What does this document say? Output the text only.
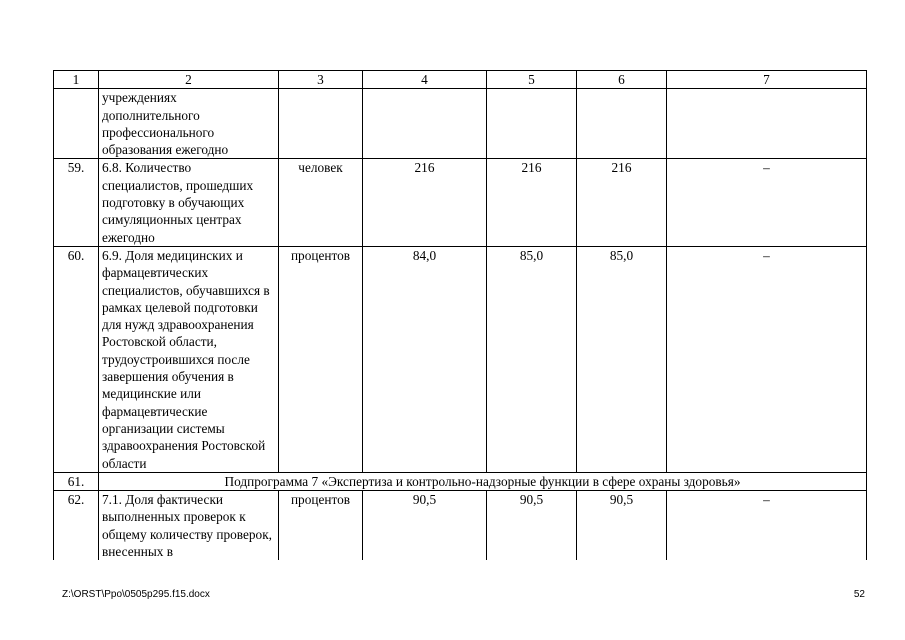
1	2	3	4	5	6	7
	учреждениях дополнительного профессионального образования ежегодно					
59.	6.8. Количество специалистов, прошедших подготовку в обучающих симуляционных центрах ежегодно	человек	216	216	216	–
60.	6.9. Доля медицинских и фармацевтических специалистов, обучавшихся в рамках целевой подготовки для нужд здравоохранения Ростовской области, трудоустроившихся после завершения обучения в медицинские или фармацевтические организации системы здравоохранения Ростовской области	процентов	84,0	85,0	85,0	–
61.	Подпрограмма 7 «Экспертиза и контрольно-надзорные функции в сфере охраны здоровья»					
62.	7.1. Доля фактически выполненных проверок к общему количеству проверок, внесенных в	процентов	90,5	90,5	90,5	–
Z:\ORST\Ppo\0505p295.f15.docx	52
